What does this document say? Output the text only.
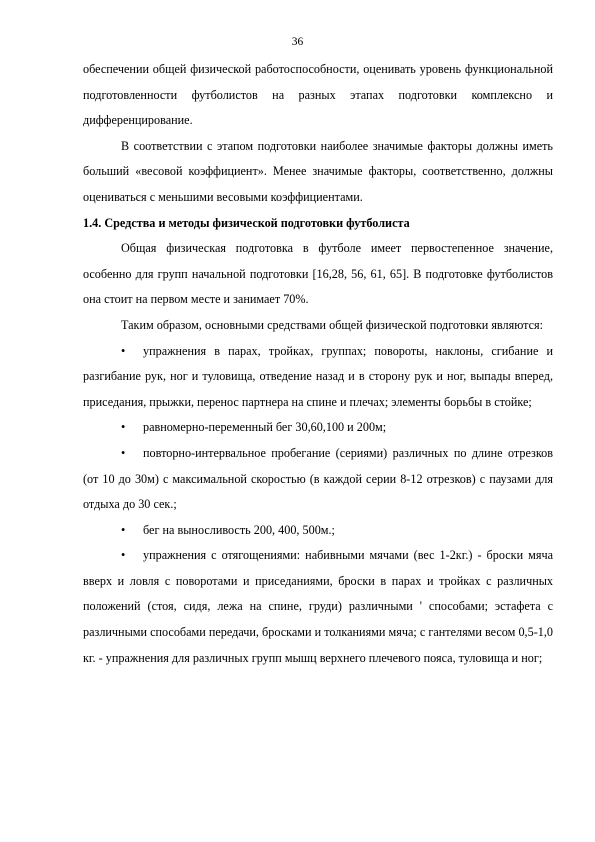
36

обеспечении общей физической работоспособности, оценивать уровень функциональной подготовленности футболистов на разных этапах подготовки комплексно и дифференцирование.

В соответствии с этапом подготовки наиболее значимые факторы должны иметь больший «весовой коэффициент». Менее значимые факторы, соответственно, должны оцениваться с меньшими весовыми коэффициентами.

1.4. Средства и методы физической подготовки футболиста

Общая физическая подготовка в футболе имеет первостепенное значение, особенно для групп начальной подготовки [16,28, 56, 61, 65]. В подготовке футболистов она стоит на первом месте и занимает 70%.

Таким образом, основными средствами общей физической подготовки являются:

• упражнения в парах, тройках, группах; повороты, наклоны, сгибание и разгибание рук, ног и туловища, отведение назад и в сторону рук и ног, выпады вперед, приседания, прыжки, перенос партнера на спине и плечах; элементы борьбы в стойке;

• равномерно-переменный бег 30,60,100 и 200м;

• повторно-интервальное пробегание (сериями) различных по длине отрезков (от 10 до 30м) с максимальной скоростью (в каждой серии 8-12 отрезков) с паузами для отдыха до 30 сек.;

• бег на выносливость 200, 400, 500м.;

• упражнения с отягощениями: набивными мячами (вес 1-2кг.) - броски мяча вверх и ловля с поворотами и приседаниями, броски в парах и тройках с различных положений (стоя, сидя, лежа на спине, груди) различными ' способами; эстафета с различными способами передачи, бросками и толканиями мяча; с гантелями весом 0,5-1,0 кг. - упражнения для различных групп мышц верхнего плечевого пояса, туловища и ног;
